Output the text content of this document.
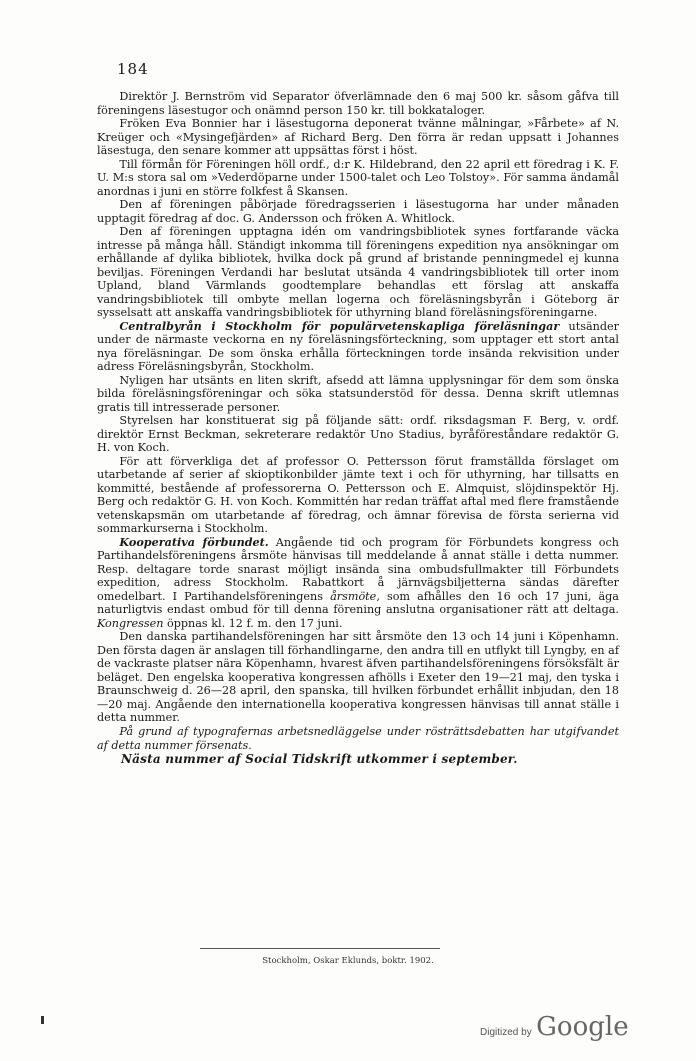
184

Direktör J. Bernström vid Separator öfverlämnade den 6 maj 500 kr. såsom gåfva till föreningens läsestugor och onämnd person 150 kr. till bokkataloger.

Fröken Eva Bonnier har i läsestugorna deponerat tvänne målningar, »Fårbete» af N. Kreüger och «Mysingefjärden» af Richard Berg. Den förra är redan uppsatt i Johannes läsestuga, den senare kommer att uppsättas först i höst.

Till förmån för Föreningen höll ordf., d:r K. Hildebrand, den 22 april ett föredrag i K. F. U. M:s stora sal om »Vederdöparne under 1500-talet och Leo Tolstoy». För samma ändamål anordnas i juni en större folkfest å Skansen.

Den af föreningen påbörjade föredragsserien i läsestugorna har under månaden upptagit föredrag af doc. G. Andersson och fröken A. Whitlock.

Den af föreningen upptagna idén om vandringsbibliotek synes fortfarande väcka intresse på många håll. Ständigt inkomma till föreningens expedition nya ansökningar om erhållande af dylika bibliotek, hvilka dock på grund af bristande penningmedel ej kunna beviljas. Föreningen Verdandi har beslutat utsända 4 vandringsbibliotek till orter inom Upland, bland Värmlands goodtemplare behandlas ett förslag att anskaffa vandringsbibliotek till ombyte mellan logerna och föreläsningsbyrån i Göteborg är sysselsatt att anskaffa vandringsbibliotek för uthyrning bland föreläsningsföreningarne.

Centralbyrån i Stockholm för populärvetenskapliga föreläsningar utsänder under de närmaste veckorna en ny föreläsningsförteckning, som upptager ett stort antal nya föreläsningar. De som önska erhålla förteckningen torde insända rekvisition under adress Föreläsningsbyrån, Stockholm.

Nyligen har utsänts en liten skrift, afsedd att lämna upplysningar för dem som önska bilda föreläsningsföreningar och söka statsunderstöd för dessa. Denna skrift utlemnas gratis till intresserade personer.

Styrelsen har konstituerat sig på följande sätt: ordf. riksdagsman F. Berg, v. ordf. direktör Ernst Beckman, sekreterare redaktör Uno Stadius, byråföreståndare redaktör G. H. von Koch.

För att förverkliga det af professor O. Pettersson förut framställda förslaget om utarbetande af serier af skioptikonbilder jämte text i och för uthyrning, har tillsatts en kommitté, bestående af professorerna O. Pettersson och E. Almquist, slöjdinspektör Hj. Berg och redaktör G. H. von Koch. Kommittén har redan träffat aftal med flere framstående vetenskapsmän om utarbetande af föredrag, och ämnar förevisa de första serierna vid sommarkurserna i Stockholm.

Kooperativa förbundet. Angående tid och program för Förbundets kongress och Partihandelsföreningens årsmöte hänvisas till meddelande å annat ställe i detta nummer. Resp. deltagare torde snarast möjligt insända sina ombudsfullmakter till Förbundets expedition, adress Stockholm. Rabattkort å järnvägsbiljetterna sändas därefter omedelbart. I Partihandelsföreningens årsmöte, som afhålles den 16 och 17 juni, äga naturligtvis endast ombud för till denna förening anslutna organisationer rätt att deltaga. Kongressen öppnas kl. 12 f. m. den 17 juni.

Den danska partihandelsföreningen har sitt årsmöte den 13 och 14 juni i Köpenhamn. Den första dagen är anslagen till förhandlingarne, den andra till en utflykt till Lyngby, en af de vackraste platser nära Köpenhamn, hvarest äfven partihandelsföreningens försöksfält är beläget. Den engelska kooperativa kongressen afhölls i Exeter den 19—21 maj, den tyska i Braunschweig d. 26—28 april, den spanska, till hvilken förbundet erhållit inbjudan, den 18—20 maj. Angående den internationella kooperativa kongressen hänvisas till annat ställe i detta nummer.

På grund af typografernas arbetsnedläggelse under rösträttsdebatten har utgifvandet af detta nummer försenats.

Nästa nummer af Social Tidskrift utkommer i september.

Stockholm, Oskar Eklunds, boktr. 1902.
Digitized by Google
